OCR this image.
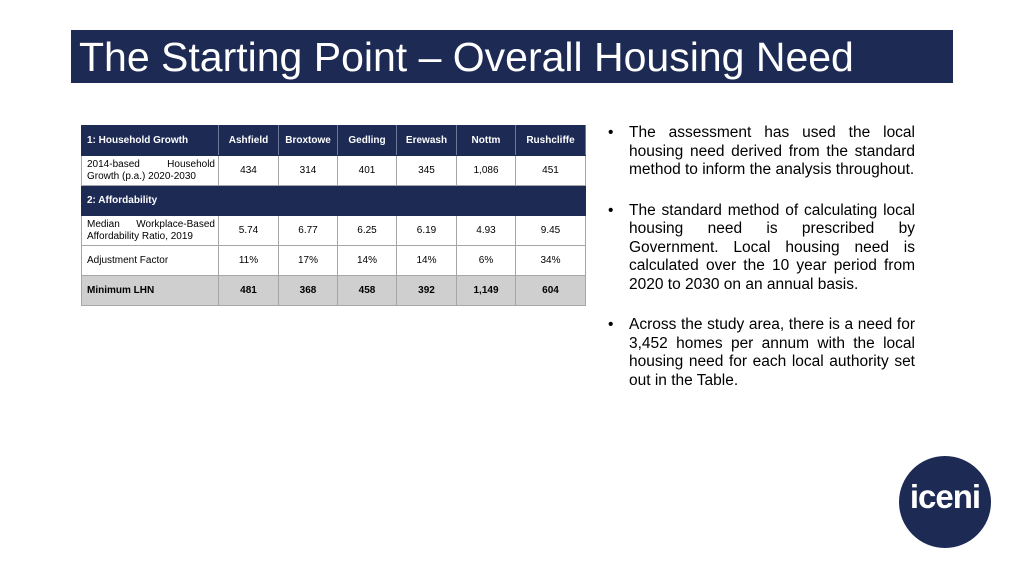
The Starting Point – Overall Housing Need
1: Household Growth	Ashfield	Broxtowe	Gedling	Erewash	Nottm	Rushcliffe
2014-based Household
Growth (p.a.) 2020-2030	434	314	401	345	1,086	451
2: Affordability						
Median Workplace-Based
Affordability Ratio, 2019	5.74	6.77	6.25	6.19	4.93	9.45
Adjustment Factor	11%	17%	14%	14%	6%	34%
Minimum LHN	481	368	458	392	1,149	604
• The assessment has used the local housing need derived from the standard method to inform the analysis throughout.
• The standard method of calculating local housing need is prescribed by Government. Local housing need is calculated over the 10 year period from 2020 to 2030 on an annual basis.
• Across the study area, there is a need for 3,452 homes per annum with the local housing need for each local authority set out in the Table.
iceni
